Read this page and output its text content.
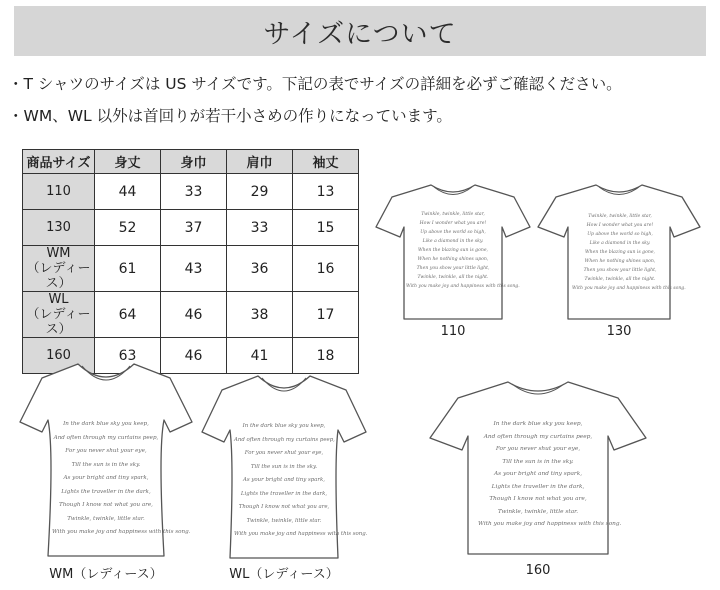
サイズについて
・T シャツのサイズは US サイズです。下記の表でサイズの詳細を必ずご確認ください。
・WM、WL 以外は首回りが若干小さめの作りになっています。
商品サイズ	身丈	身巾	肩巾	袖丈

110	44	33	29	13

130	52	37	33	15

WM
（レディース）	61	43	36	16

WL
（レディース）	64	46	38	17

160	63	46	41	18
110	130
WM（レディース）	WL（レディース）	160
Twinkle, twinkle, little star,
How I wonder what you are!
Up above the world so high,
Like a diamond in the sky.
When the blazing sun is gone,
When he nothing shines upon,
Then you show your little light,
Twinkle, twinkle, all the night.
With you make joy and happiness with this song.
Twinkle, twinkle, little star,
How I wonder what you are!
Up above the world so high,
Like a diamond in the sky.
When the blazing sun is gone,
When he nothing shines upon,
Then you show your little light,
Twinkle, twinkle, all the night.
With you make joy and happiness with this song.
In the dark blue sky you keep,
And often through my curtains peep,
For you never shut your eye,
Till the sun is in the sky.
As your bright and tiny spark,
Lights the traveller in the dark,
Though I know not what you are,
Twinkle, twinkle, little star.
With you make joy and happiness with this song.
In the dark blue sky you keep,
And often through my curtains peep,
For you never shut your eye,
Till the sun is in the sky.
As your bright and tiny spark,
Lights the traveller in the dark,
Though I know not what you are,
Twinkle, twinkle, little star.
With you make joy and happiness with this song.
In the dark blue sky you keep,
And often through my curtains peep,
For you never shut your eye,
Till the sun is in the sky.
As your bright and tiny spark,
Lights the traveller in the dark,
Though I know not what you are,
Twinkle, twinkle, little star.
With you make joy and happiness with this song.
